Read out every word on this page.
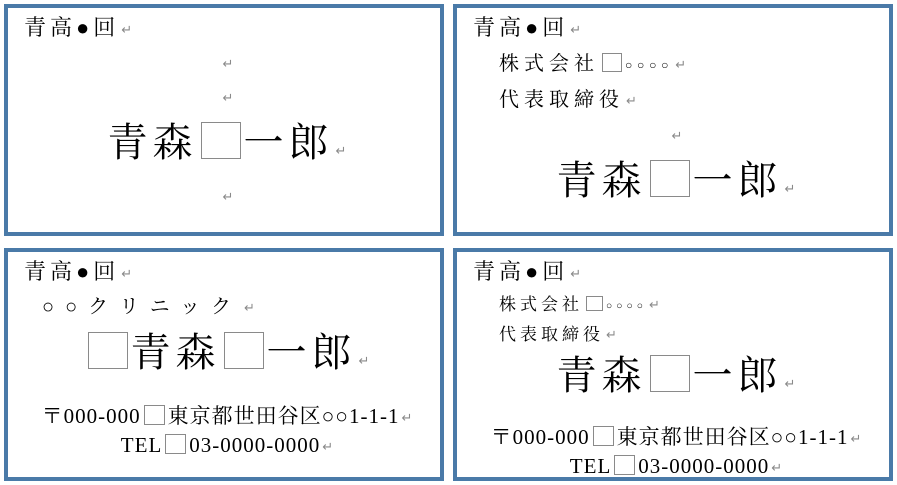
青高●回 ↵
↵
↵
青森 一郎 ↵
↵
青高●回 ↵
株式会社 ○○○○ ↵
代表取締役 ↵
↵
青森 一郎 ↵
青高●回 ↵
○○クリニック ↵
青森 一郎 ↵
〒000-000 東京都世田谷区○○1-1-1 ↵
TEL 03-0000-0000 ↵
青高●回 ↵
株式会社 ○○○○ ↵
代表取締役 ↵
青森 一郎 ↵
〒000-000 東京都世田谷区○○1-1-1 ↵
TEL 03-0000-0000 ↵
